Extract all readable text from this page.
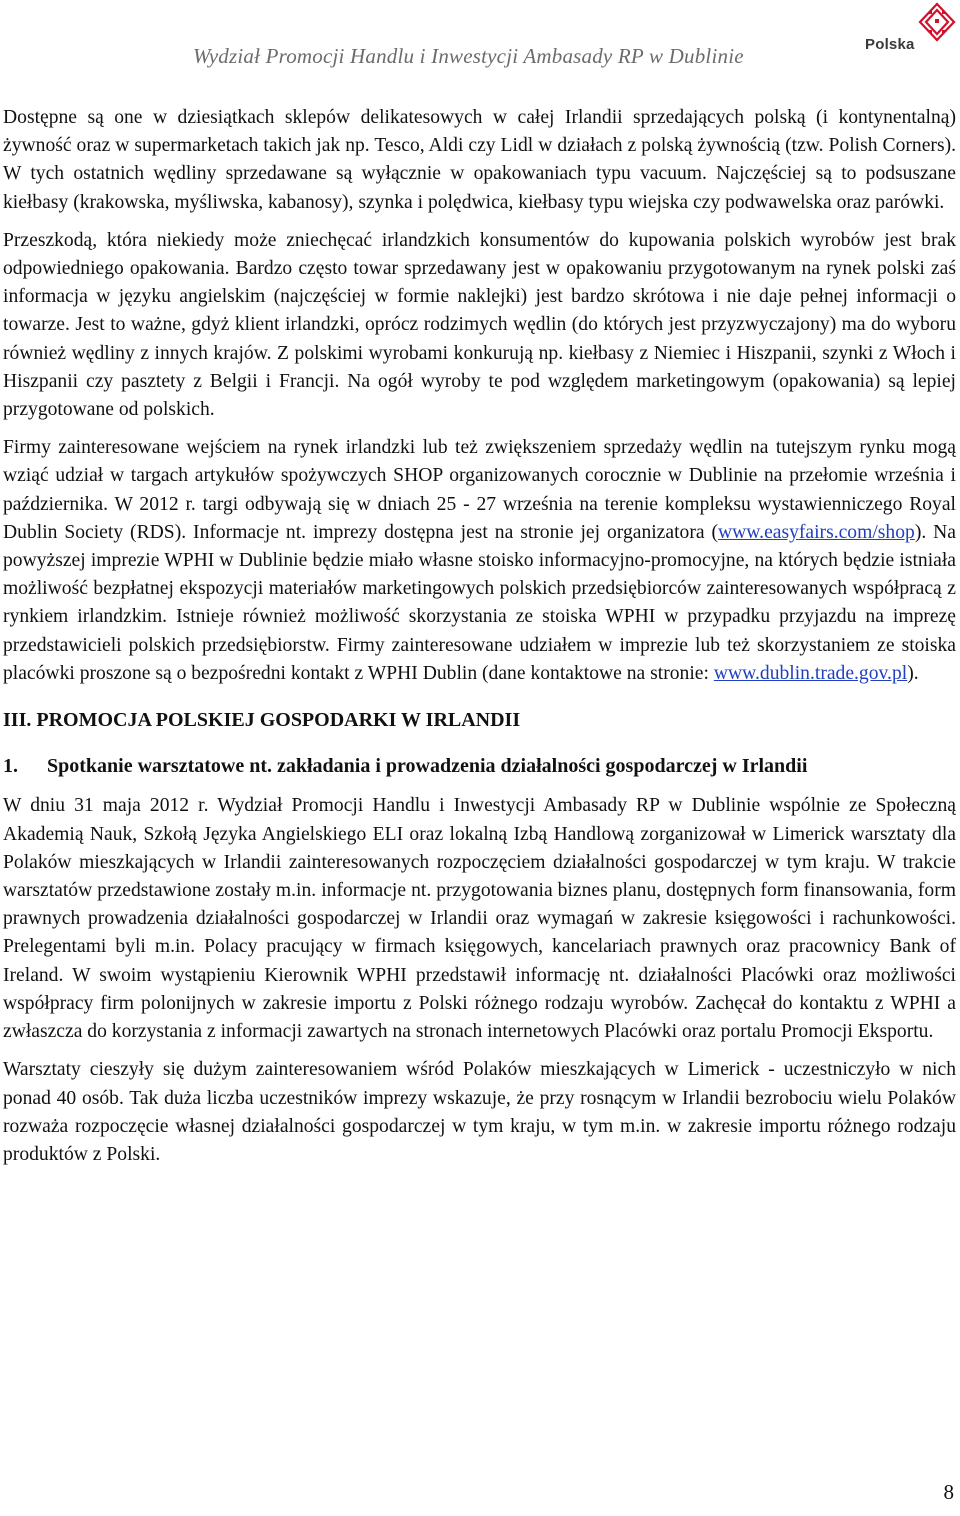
Wydział Promocji Handlu i Inwestycji Ambasady RP w Dublinie	Polska

Dostępne są one w dziesiątkach sklepów delikatesowych w całej Irlandii sprzedających polską (i kontynentalną) żywność oraz w supermarketach takich jak np. Tesco, Aldi czy Lidl w działach z polską żywnością (tzw. Polish Corners). W tych ostatnich wędliny sprzedawane są wyłącznie w opakowaniach typu vacuum. Najczęściej są to podsuszane kiełbasy (krakowska, myśliwska, kabanosy), szynka i polędwica, kiełbasy typu wiejska czy podwawelska oraz parówki.

Przeszkodą, która niekiedy może zniechęcać irlandzkich konsumentów do kupowania polskich wyrobów jest brak odpowiedniego opakowania. Bardzo często towar sprzedawany jest w opakowaniu przygotowanym na rynek polski zaś informacja w języku angielskim (najczęściej w formie naklejki) jest bardzo skrótowa i nie daje pełnej informacji o towarze. Jest to ważne, gdyż klient irlandzki, oprócz rodzimych wędlin (do których jest przyzwyczajony) ma do wyboru również wędliny z innych krajów. Z polskimi wyrobami konkurują np. kiełbasy z Niemiec i Hiszpanii, szynki z Włoch i Hiszpanii czy pasztety z Belgii i Francji. Na ogół wyroby te pod względem marketingowym (opakowania) są lepiej przygotowane od polskich.

Firmy zainteresowane wejściem na rynek irlandzki lub też zwiększeniem sprzedaży wędlin na tutejszym rynku mogą wziąć udział w targach artykułów spożywczych SHOP organizowanych corocznie w Dublinie na przełomie września i października. W 2012 r. targi odbywają się w dniach 25 - 27 września na terenie kompleksu wystawienniczego Royal Dublin Society (RDS). Informacje nt. imprezy dostępna jest na stronie jej organizatora (www.easyfairs.com/shop). Na powyższej imprezie WPHI w Dublinie będzie miało własne stoisko informacyjno-promocyjne, na których będzie istniała możliwość bezpłatnej ekspozycji materiałów marketingowych polskich przedsiębiorców zainteresowanych współpracą z rynkiem irlandzkim. Istnieje również możliwość skorzystania ze stoiska WPHI w przypadku przyjazdu na imprezę przedstawicieli polskich przedsiębiorstw. Firmy zainteresowane udziałem w imprezie lub też skorzystaniem ze stoiska placówki proszone są o bezpośredni kontakt z WPHI Dublin (dane kontaktowe na stronie: www.dublin.trade.gov.pl).

III. PROMOCJA POLSKIEJ GOSPODARKI W IRLANDII

1.	Spotkanie warsztatowe nt. zakładania i prowadzenia działalności gospodarczej w Irlandii

W dniu 31 maja 2012 r. Wydział Promocji Handlu i Inwestycji Ambasady RP w Dublinie wspólnie ze Społeczną Akademią Nauk, Szkołą Języka Angielskiego ELI oraz lokalną Izbą Handlową zorganizował w Limerick warsztaty dla Polaków mieszkających w Irlandii zainteresowanych rozpoczęciem działalności gospodarczej w tym kraju. W trakcie warsztatów przedstawione zostały m.in. informacje nt. przygotowania biznes planu, dostępnych form finansowania, form prawnych prowadzenia działalności gospodarczej w Irlandii oraz wymagań w zakresie księgowości i rachunkowości. Prelegentami byli m.in. Polacy pracujący w firmach księgowych, kancelariach prawnych oraz pracownicy Bank of Ireland. W swoim wystąpieniu Kierownik WPHI przedstawił informację nt. działalności Placówki oraz możliwości współpracy firm polonijnych w zakresie importu z Polski różnego rodzaju wyrobów. Zachęcał do kontaktu z WPHI a zwłaszcza do korzystania z informacji zawartych na stronach internetowych Placówki oraz portalu Promocji Eksportu.

Warsztaty cieszyły się dużym zainteresowaniem wśród Polaków mieszkających w Limerick - uczestniczyło w nich ponad 40 osób. Tak duża liczba uczestników imprezy wskazuje, że przy rosnącym w Irlandii bezrobociu wielu Polaków rozważa rozpoczęcie własnej działalności gospodarczej w tym kraju, w tym m.in. w zakresie importu różnego rodzaju produktów z Polski.

8
